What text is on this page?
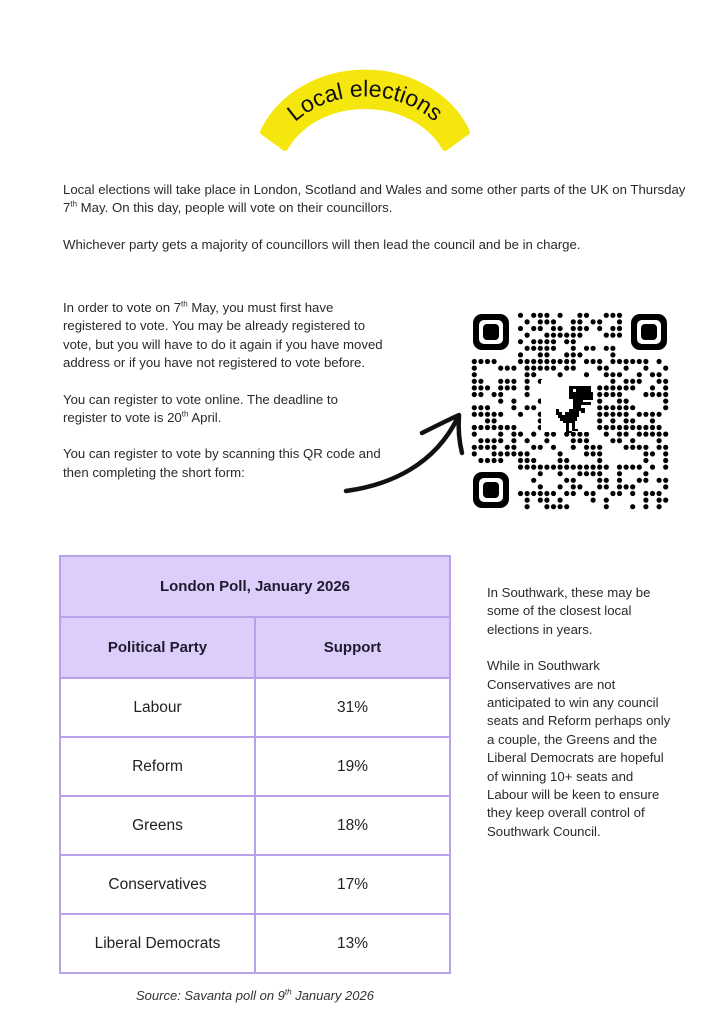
Local elections

Local elections will take place in London, Scotland and Wales and some other parts of the UK on Thursday 7th May. On this day, people will vote on their councillors.

Whichever party gets a majority of councillors will then lead the council and be in charge.

In order to vote on 7th May, you must first have registered to vote. You may be already registered to vote, but you will have to do it again if you have moved address or if you have not registered to vote before.

You can register to vote online. The deadline to register to vote is 20th April.

You can register to vote by scanning this QR code and then completing the short form:

London Poll, January 2026	
Political Party	Support
Labour	31%
Reform	19%
Greens	18%
Conservatives	17%
Liberal Democrats	13%
Source: Savanta poll on 9th January 2026

In Southwark, these may be some of the closest local elections in years.

While in Southwark Conservatives are not anticipated to win any council seats and Reform perhaps only a couple, the Greens and the Liberal Democrats are hopeful of winning 10+ seats and Labour will be keen to ensure they keep overall control of Southwark Council.
